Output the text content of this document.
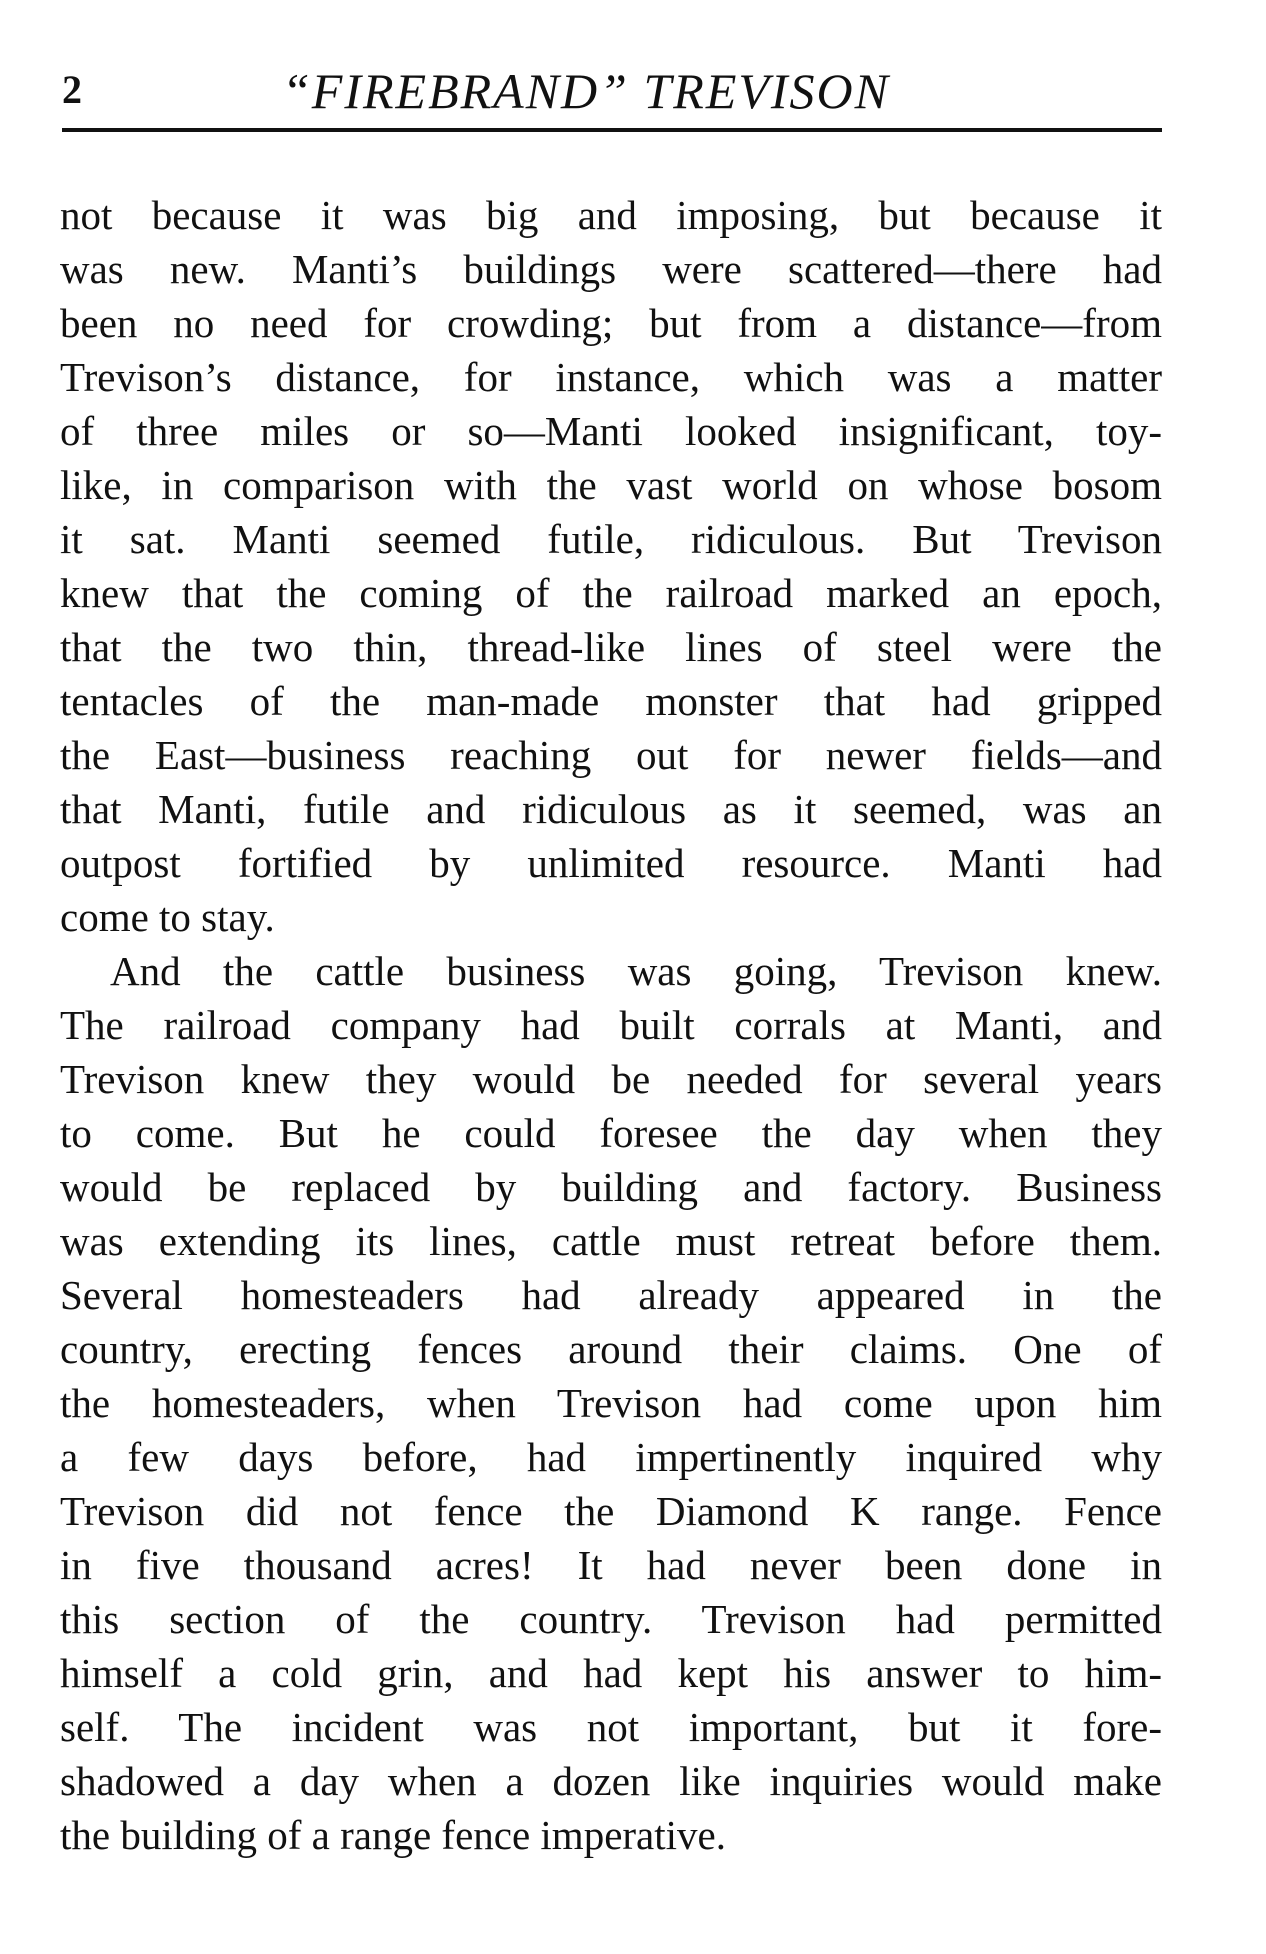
2	“FIREBRAND” TREVISON
not because it was big and imposing, but because it
was new. Manti’s buildings were scattered—there had
been no need for crowding; but from a distance—from
Trevison’s distance, for instance, which was a matter
of three miles or so—Manti looked insignificant, toy-
like, in comparison with the vast world on whose bosom
it sat. Manti seemed futile, ridiculous. But Trevison
knew that the coming of the railroad marked an epoch,
that the two thin, thread-like lines of steel were the
tentacles of the man-made monster that had gripped
the East—business reaching out for newer fields—and
that Manti, futile and ridiculous as it seemed, was an
outpost fortified by unlimited resource. Manti had
come to stay.
And the cattle business was going, Trevison knew.
The railroad company had built corrals at Manti, and
Trevison knew they would be needed for several years
to come. But he could foresee the day when they
would be replaced by building and factory. Business
was extending its lines, cattle must retreat before them.
Several homesteaders had already appeared in the
country, erecting fences around their claims. One of
the homesteaders, when Trevison had come upon him
a few days before, had impertinently inquired why
Trevison did not fence the Diamond K range. Fence
in five thousand acres! It had never been done in
this section of the country. Trevison had permitted
himself a cold grin, and had kept his answer to him-
self. The incident was not important, but it fore-
shadowed a day when a dozen like inquiries would make
the building of a range fence imperative.
